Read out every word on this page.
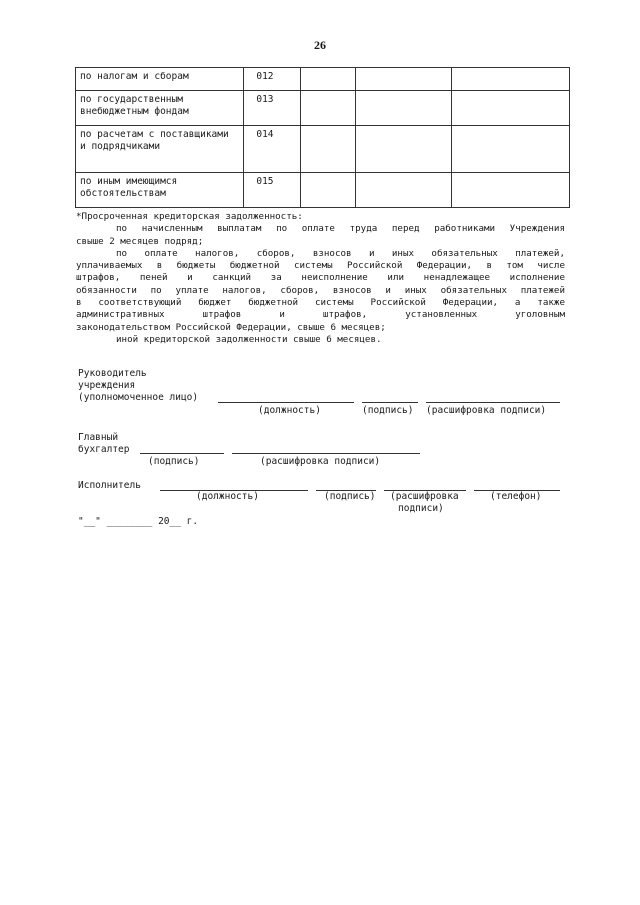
26
по налогам и сборам	012			
по государственным внебюджетным фондам	013			
по расчетам с поставщиками и подрядчиками	014			
по иным имеющимся обстоятельствам	015			

*Просроченная кредиторская задолженность:

по начисленным выплатам по оплате труда перед работниками Учреждения

свыше 2 месяцев подряд;

по оплате налогов, сборов, взносов и иных обязательных платежей,

уплачиваемых в бюджеты бюджетной системы Российской Федерации, в том числе

штрафов, пеней и санкций за неисполнение или ненадлежащее исполнение

обязанности по уплате налогов, сборов, взносов и иных обязательных платежей

в соответствующий бюджет бюджетной системы Российской Федерации, а также

административных штрафов и штрафов, установленных уголовным

законодательством Российской Федерации, свыше 6 месяцев;

иной кредиторской задолженности свыше 6 месяцев.

Руководитель
учреждения
(уполномоченное лицо)
(должность)	(подпись) (расшифровка подписи)
Главный
бухгалтер
(подпись)	(расшифровка подписи)
Исполнитель
(должность)	(подпись) (расшифровка
подписи)
(телефон)
"__" ________ 20__ г.
